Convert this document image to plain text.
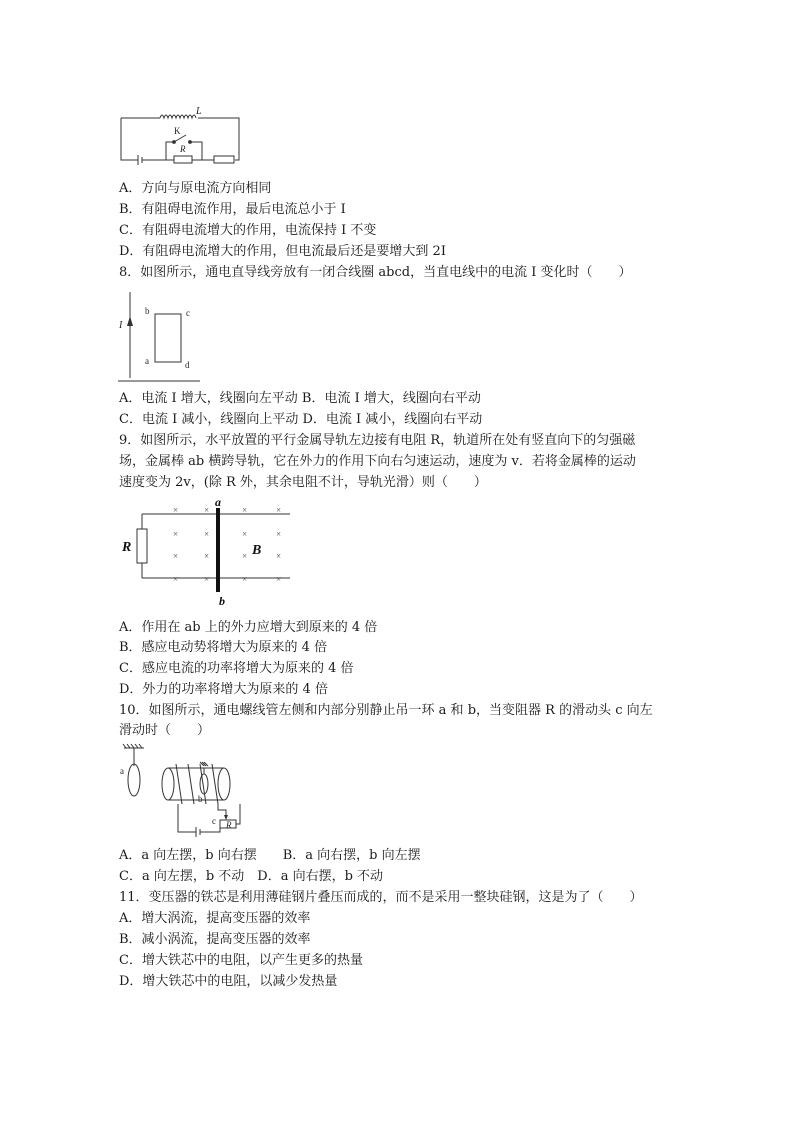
L
K
R
A．方向与原电流方向相同
B．有阻碍电流作用，最后电流总小于 I
C．有阻碍电流增大的作用，电流保持 I 不变
D．有阻碍电流增大的作用，但电流最后还是要增大到 2I
8．如图所示，通电直导线旁放有一闭合线圈 abcd，当直电线中的电流 I 变化时（　　）
I
b	c
a	d
A．电流 I 增大，线圈向左平动 B．电流 I 增大，线圈向右平动
C．电流 I 减小，线圈向上平动 D．电流 I 减小，线圈向右平动
9．如图所示，水平放置的平行金属导轨左边接有电阻 R，轨道所在处有竖直向下的匀强磁
场，金属棒 ab 横跨导轨，它在外力的作用下向右匀速运动，速度为 v．若将金属棒的运动
速度变为 2v，(除 R 外，其余电阻不计，导轨光滑）则（　　）
×	×	×	×
×	×	×	×
×	×	×	×
×	×	×	×
R	B
a
b
A．作用在 ab 上的外力应增大到原来的 4 倍
B．感应电动势将增大为原来的 4 倍
C．感应电流的功率将增大为原来的 4 倍
D．外力的功率将增大为原来的 4 倍
10．如图所示，通电螺线管左侧和内部分别静止吊一环 a 和 b，当变阻器 R 的滑动头 c 向左
滑动时（　　）
a
b
c R
A．a 向左摆，b 向右摆　　B．a 向右摆，b 向左摆
C．a 向左摆，b 不动　D．a 向右摆，b 不动
11．变压器的铁芯是利用薄硅钢片叠压而成的，而不是采用一整块硅钢，这是为了（　　）
A．增大涡流，提高变压器的效率
B．减小涡流，提高变压器的效率
C．增大铁芯中的电阻，以产生更多的热量
D．增大铁芯中的电阻，以减少发热量
